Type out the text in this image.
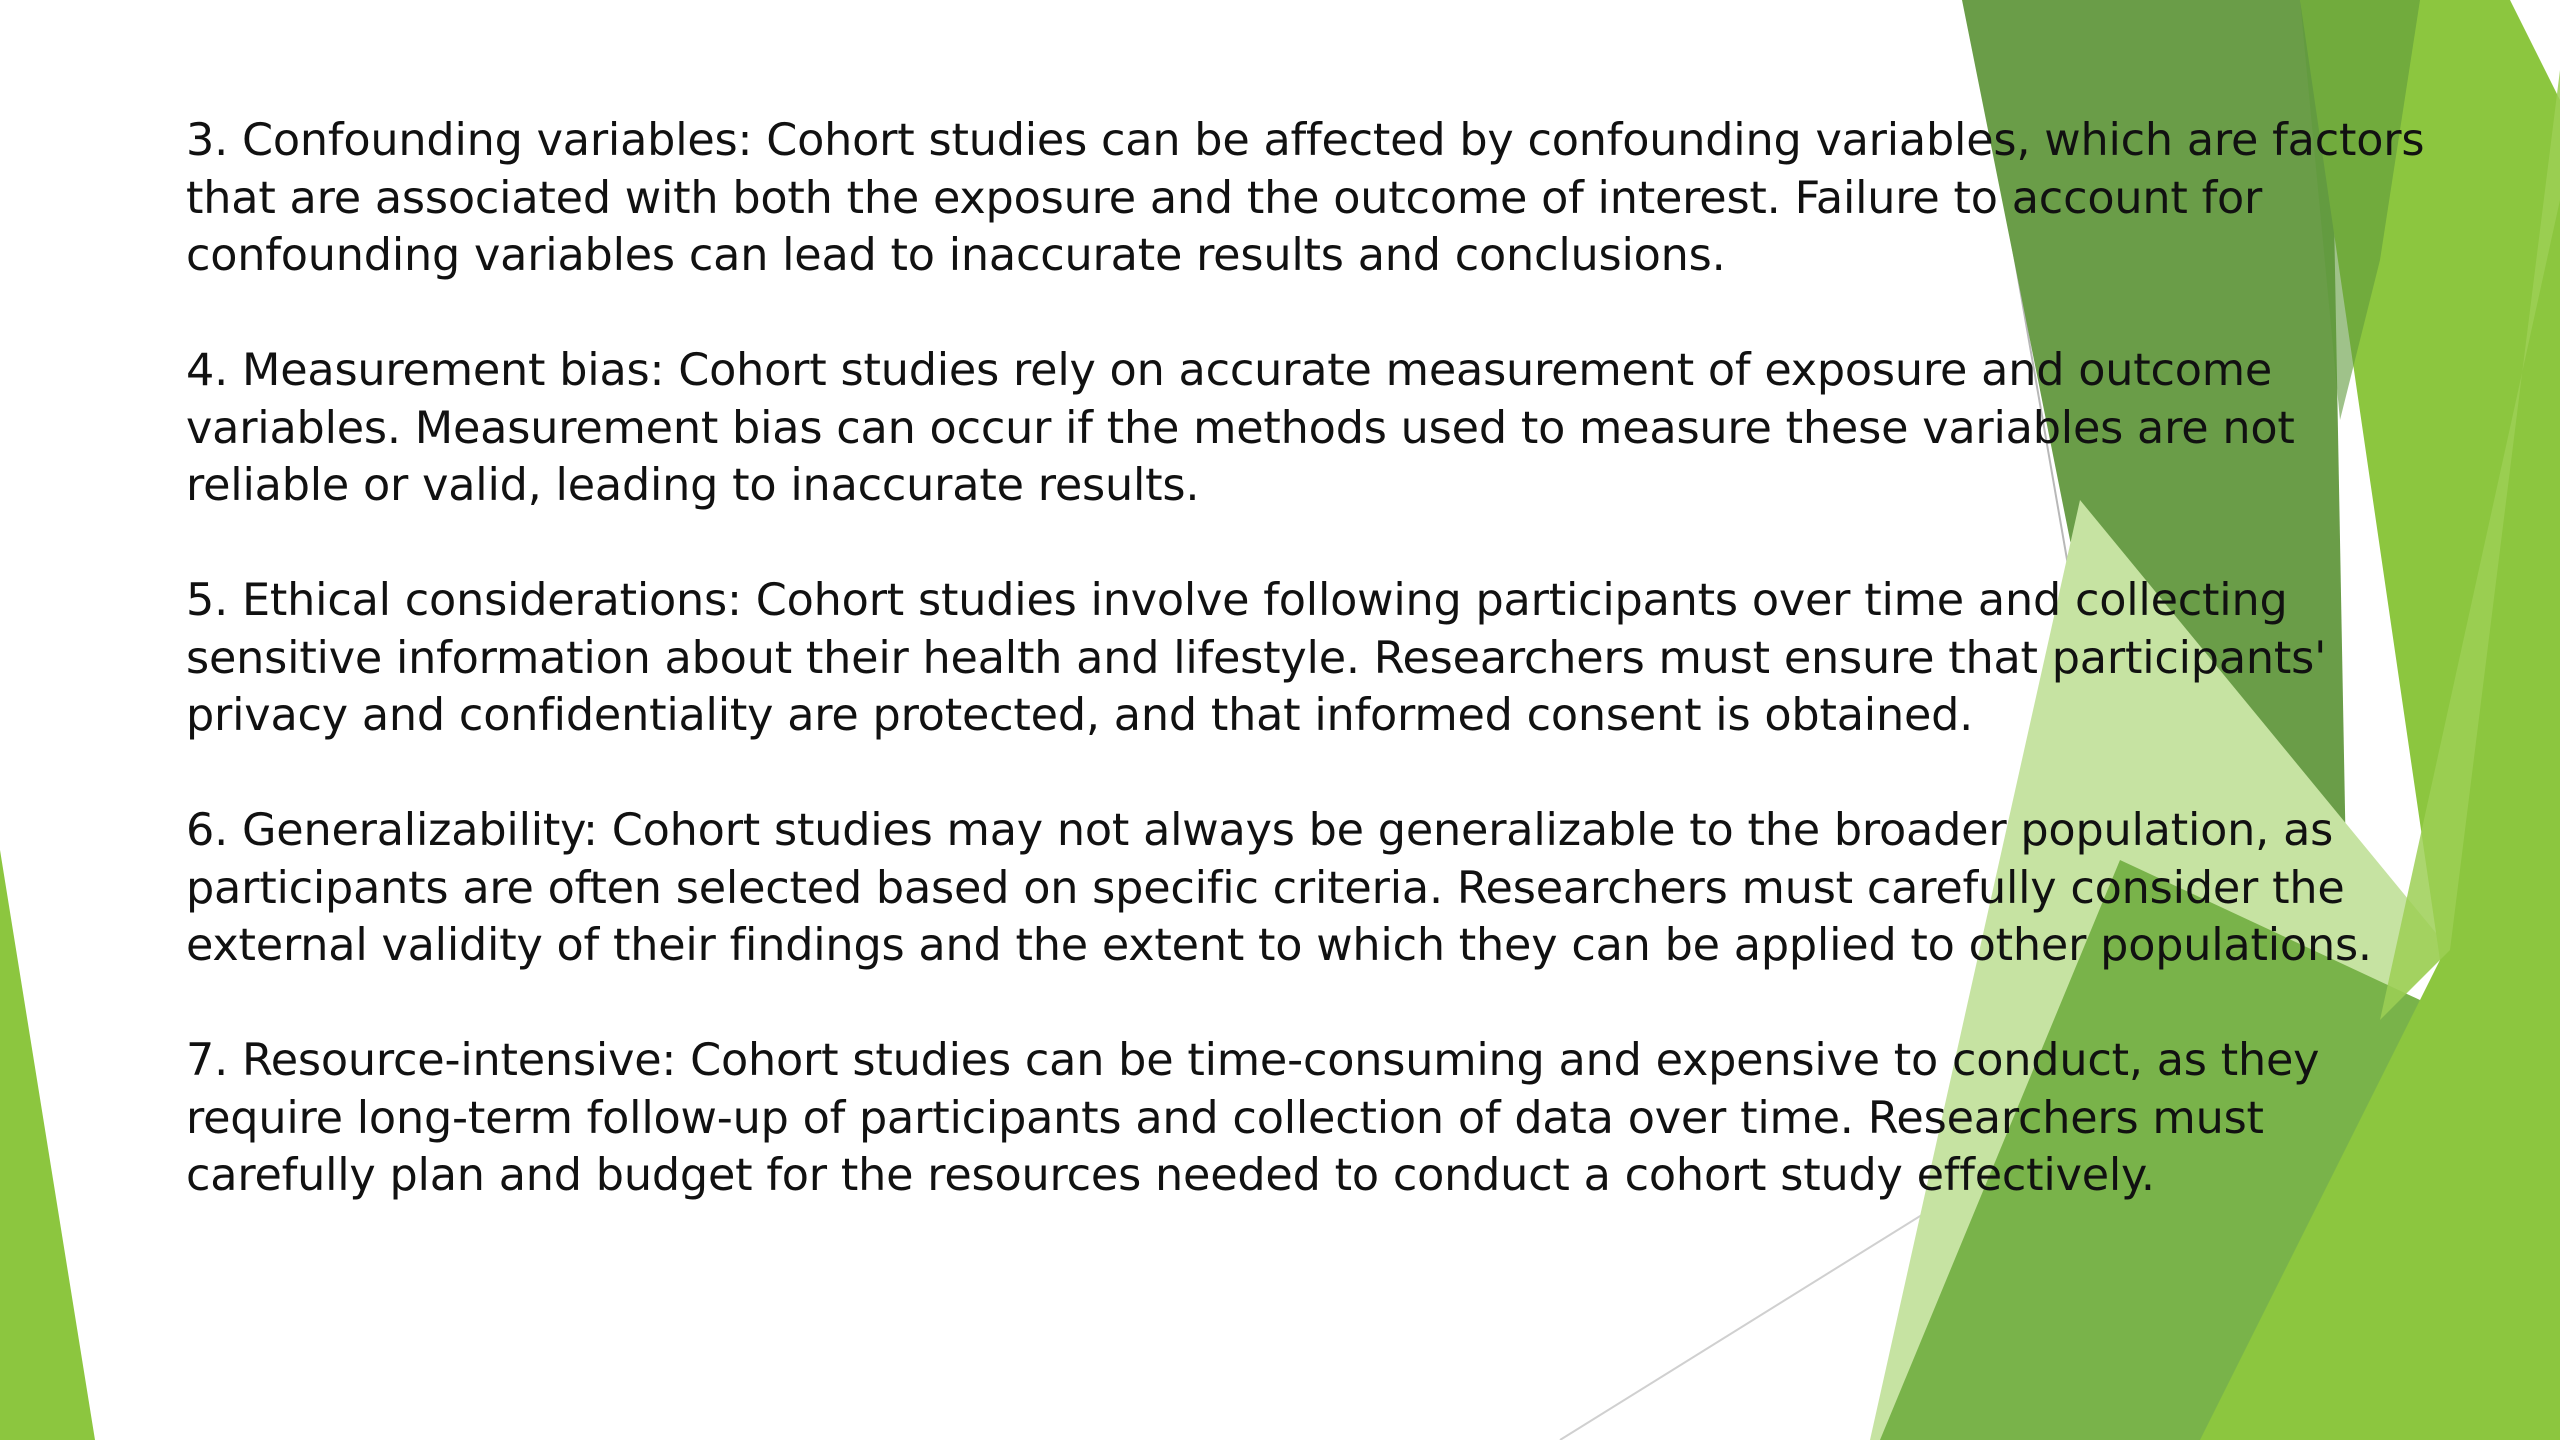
3. Confounding variables: Cohort studies can be affected by confounding variables, which are factors
that are associated with both the exposure and the outcome of interest. Failure to account for
confounding variables can lead to inaccurate results and conclusions.

4. Measurement bias: Cohort studies rely on accurate measurement of exposure and outcome
variables. Measurement bias can occur if the methods used to measure these variables are not
reliable or valid, leading to inaccurate results.

5. Ethical considerations: Cohort studies involve following participants over time and collecting
sensitive information about their health and lifestyle. Researchers must ensure that participants'
privacy and confidentiality are protected, and that informed consent is obtained.

6. Generalizability: Cohort studies may not always be generalizable to the broader population, as
participants are often selected based on specific criteria. Researchers must carefully consider the
external validity of their findings and the extent to which they can be applied to other populations.

7. Resource-intensive: Cohort studies can be time-consuming and expensive to conduct, as they
require long-term follow-up of participants and collection of data over time. Researchers must
carefully plan and budget for the resources needed to conduct a cohort study effectively.
